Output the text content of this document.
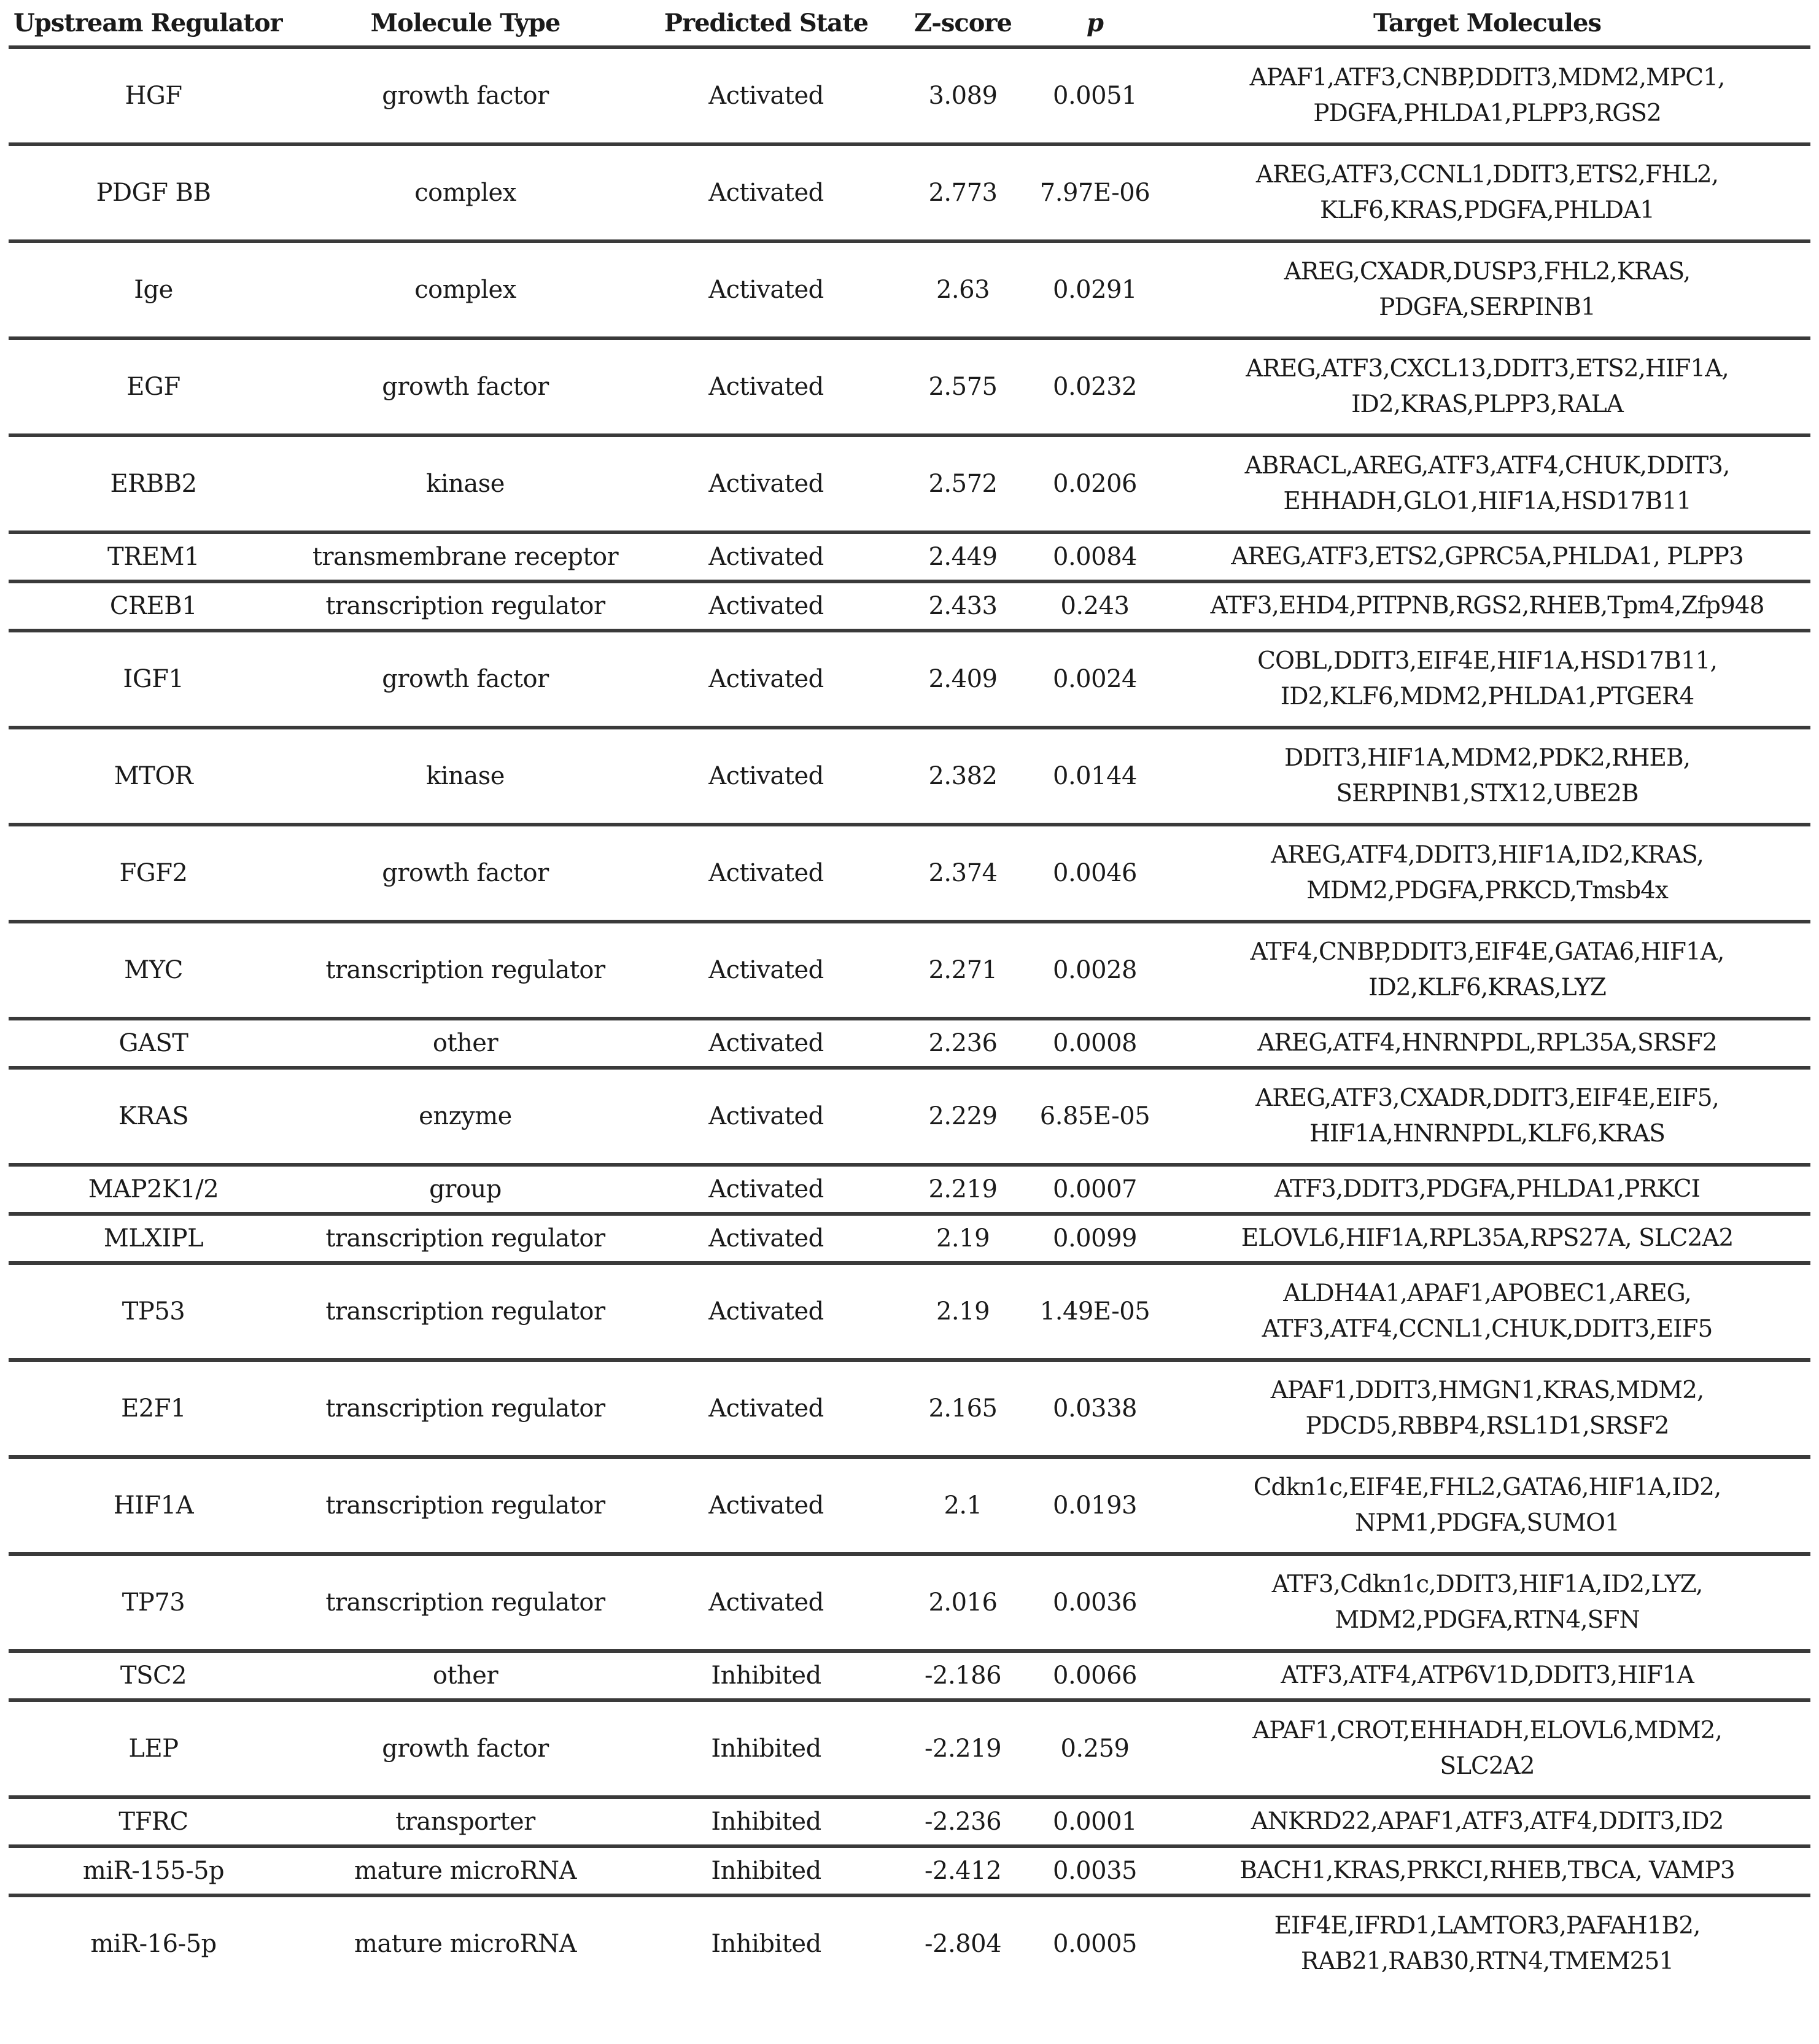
Upstream Regulator	Molecule Type	Predicted State	Z-score	p	Target Molecules
HGF	growth factor	Activated	3.089	0.0051	APAF1,ATF3,CNBP,DDIT3,MDM2,MPC1,
PDGFA,PHLDA1,PLPP3,RGS2

PDGF BB	complex	Activated	2.773	7.97E-06	AREG,ATF3,CCNL1,DDIT3,ETS2,FHL2,
KLF6,KRAS,PDGFA,PHLDA1

Ige	complex	Activated	2.63	0.0291	AREG,CXADR,DUSP3,FHL2,KRAS,
PDGFA,SERPINB1

EGF	growth factor	Activated	2.575	0.0232	AREG,ATF3,CXCL13,DDIT3,ETS2,HIF1A,
ID2,KRAS,PLPP3,RALA

ERBB2	kinase	Activated	2.572	0.0206	ABRACL,AREG,ATF3,ATF4,CHUK,DDIT3,
EHHADH,GLO1,HIF1A,HSD17B11

TREM1	transmembrane receptor	Activated	2.449	0.0084	AREG,ATF3,ETS2,GPRC5A,PHLDA1, PLPP3

CREB1	transcription regulator	Activated	2.433	0.243	ATF3,EHD4,PITPNB,RGS2,RHEB,Tpm4,Zfp948

IGF1	growth factor	Activated	2.409	0.0024	COBL,DDIT3,EIF4E,HIF1A,HSD17B11,
ID2,KLF6,MDM2,PHLDA1,PTGER4

MTOR	kinase	Activated	2.382	0.0144	DDIT3,HIF1A,MDM2,PDK2,RHEB,
SERPINB1,STX12,UBE2B

FGF2	growth factor	Activated	2.374	0.0046	AREG,ATF4,DDIT3,HIF1A,ID2,KRAS,
MDM2,PDGFA,PRKCD,Tmsb4x

MYC	transcription regulator	Activated	2.271	0.0028	ATF4,CNBP,DDIT3,EIF4E,GATA6,HIF1A,
ID2,KLF6,KRAS,LYZ

GAST	other	Activated	2.236	0.0008	AREG,ATF4,HNRNPDL,RPL35A,SRSF2

KRAS	enzyme	Activated	2.229	6.85E-05	AREG,ATF3,CXADR,DDIT3,EIF4E,EIF5,
HIF1A,HNRNPDL,KLF6,KRAS

MAP2K1/2	group	Activated	2.219	0.0007	ATF3,DDIT3,PDGFA,PHLDA1,PRKCI

MLXIPL	transcription regulator	Activated	2.19	0.0099	ELOVL6,HIF1A,RPL35A,RPS27A, SLC2A2

TP53	transcription regulator	Activated	2.19	1.49E-05	ALDH4A1,APAF1,APOBEC1,AREG,
ATF3,ATF4,CCNL1,CHUK,DDIT3,EIF5

E2F1	transcription regulator	Activated	2.165	0.0338	APAF1,DDIT3,HMGN1,KRAS,MDM2,
PDCD5,RBBP4,RSL1D1,SRSF2

HIF1A	transcription regulator	Activated	2.1	0.0193	Cdkn1c,EIF4E,FHL2,GATA6,HIF1A,ID2,
NPM1,PDGFA,SUMO1

TP73	transcription regulator	Activated	2.016	0.0036	ATF3,Cdkn1c,DDIT3,HIF1A,ID2,LYZ,
MDM2,PDGFA,RTN4,SFN

TSC2	other	Inhibited	-2.186	0.0066	ATF3,ATF4,ATP6V1D,DDIT3,HIF1A

LEP	growth factor	Inhibited	-2.219	0.259	APAF1,CROT,EHHADH,ELOVL6,MDM2,
SLC2A2

TFRC	transporter	Inhibited	-2.236	0.0001	ANKRD22,APAF1,ATF3,ATF4,DDIT3,ID2

miR-155-5p	mature microRNA	Inhibited	-2.412	0.0035	BACH1,KRAS,PRKCI,RHEB,TBCA, VAMP3

miR-16-5p	mature microRNA	Inhibited	-2.804	0.0005	EIF4E,IFRD1,LAMTOR3,PAFAH1B2,
RAB21,RAB30,RTN4,TMEM251
